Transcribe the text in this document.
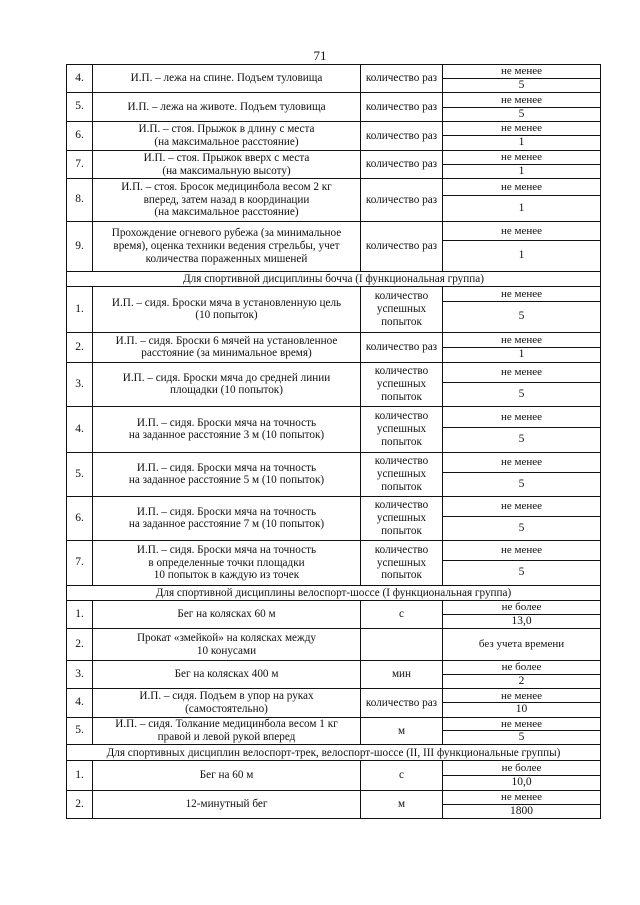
71
4.	И.П. – лежа на спине. Подъем туловища	количество раз	не менее
			5
5.	И.П. – лежа на животе. Подъем туловища	количество раз	не менее
			5
6.	И.П. – стоя. Прыжок в длину с места
(на максимальное расстояние)	количество раз	не менее
			1
7.	И.П. – стоя. Прыжок вверх с места
(на максимальную высоту)	количество раз	не менее
			1
8.	И.П. – стоя. Бросок медицинбола весом 2 кг
вперед, затем назад в координации
(на максимальное расстояние)	количество раз	не менее
			1
9.	Прохождение огневого рубежа (за минимальное
время), оценка техники ведения стрельбы, учет
количества пораженных мишеней	количество раз	не менее
			1
Для спортивной дисциплины бочча (I функциональная группа)			
1.	И.П. – сидя. Броски мяча в установленную цель
(10 попыток)	количество
успешных
попыток	не менее
			5
2.	И.П. – сидя. Броски 6 мячей на установленное
расстояние (за минимальное время)	количество раз	не менее
			1
3.	И.П. – сидя. Броски мяча до средней линии
площадки (10 попыток)	количество
успешных
попыток	не менее
			5
4.	И.П. – сидя. Броски мяча на точность
на заданное расстояние 3 м (10 попыток)	количество
успешных
попыток	не менее
			5
5.	И.П. – сидя. Броски мяча на точность
на заданное расстояние 5 м (10 попыток)	количество
успешных
попыток	не менее
			5
6.	И.П. – сидя. Броски мяча на точность
на заданное расстояние 7 м (10 попыток)	количество
успешных
попыток	не менее
			5
7.	И.П. – сидя. Броски мяча на точность
в определенные точки площадки
10 попыток в каждую из точек	количество
успешных
попыток	не менее
			5
Для спортивной дисциплины велоспорт-шоссе (I функциональная группа)			
1.	Бег на колясках 60 м	с	не более
			13,0
2.	Прокат «змейкой» на колясках между
10 конусами		без учета времени
3.	Бег на колясках 400 м	мин	не более
			2
4.	И.П. – сидя. Подъем в упор на руках
(самостоятельно)	количество раз	не менее
			10
5.	И.П. – сидя. Толкание медицинбола весом 1 кг
правой и левой рукой вперед	м	не менее
			5
Для спортивных дисциплин велоспорт-трек, велоспорт-шоссе (II, III функциональные группы)			
1.	Бег на 60 м	с	не более
			10,0
2.	12-минутный бег	м	не менее
			1800
